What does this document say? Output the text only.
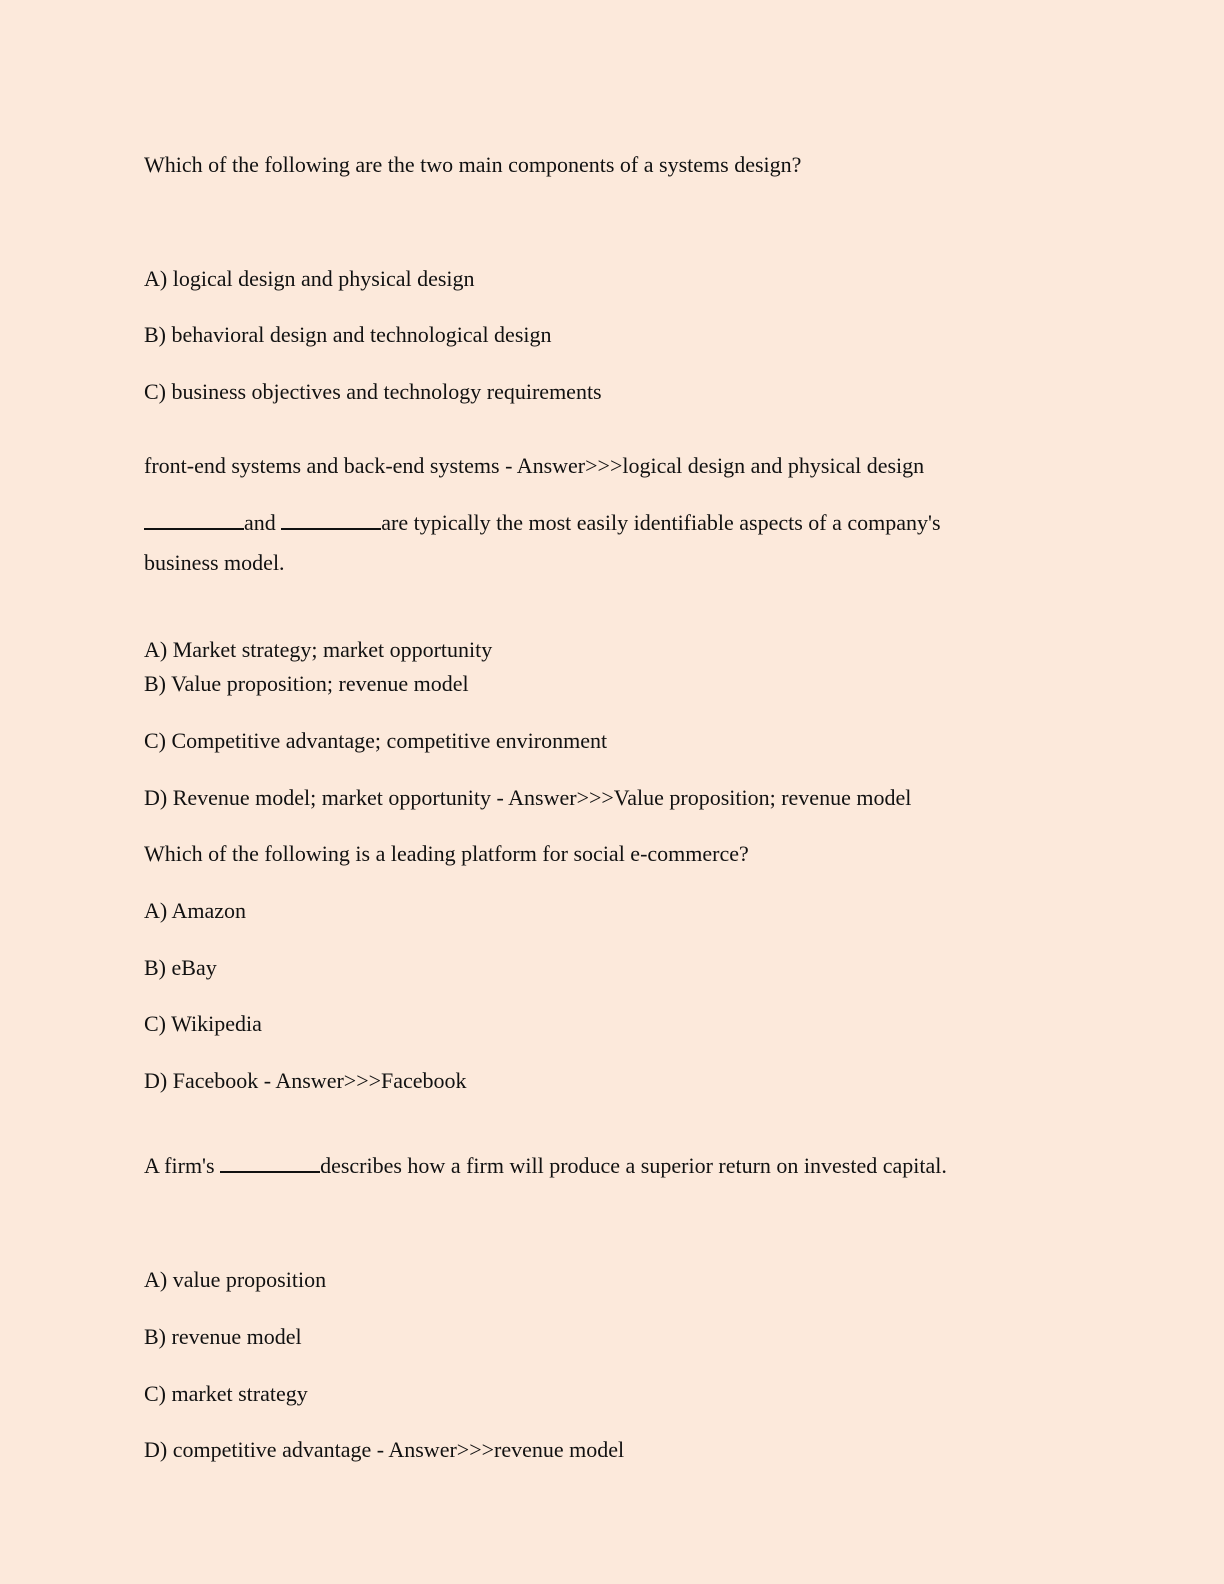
Which of the following are the two main components of a systems design?
A) logical design and physical design
B) behavioral design and technological design
C) business objectives and technology requirements
front-end systems and back-end systems - Answer>>>logical design and physical design
and	are typically the most easily identifiable aspects of a company's
business model.
A) Market strategy; market opportunity
B) Value proposition; revenue model
C) Competitive advantage; competitive environment
D) Revenue model; market opportunity - Answer>>>Value proposition; revenue model
Which of the following is a leading platform for social e-commerce?
A) Amazon
B) eBay
C) Wikipedia
D) Facebook - Answer>>>Facebook
A firm's	describes how a firm will produce a superior return on invested capital.
A) value proposition
B) revenue model
C) market strategy
D) competitive advantage - Answer>>>revenue model
